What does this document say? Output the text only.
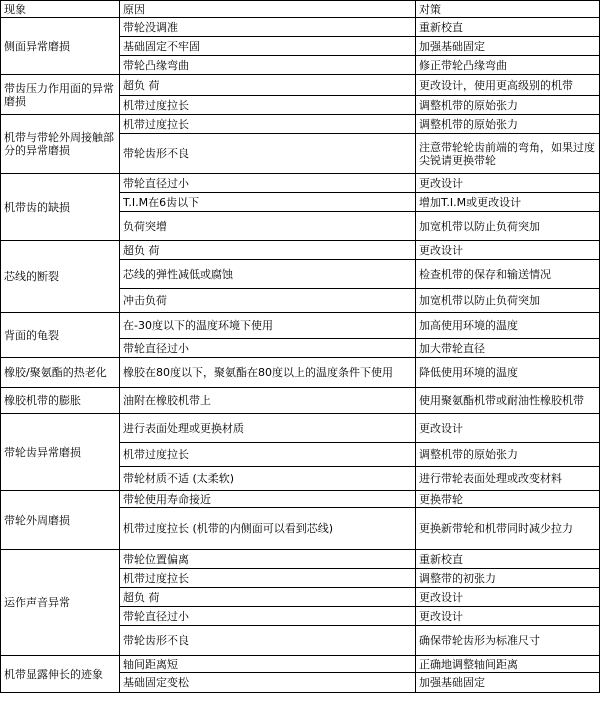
现象	原因	对策
侧面异常磨损	带轮没调准	重新校直
	基础固定不牢固	加强基础固定
	带轮凸缘弯曲	修正带轮凸缘弯曲
带齿压力作用面的异常磨损	超负 荷	更改设计，使用更高级别的机带
	机带过度拉长	调整机带的原始张力
机带与带轮外周接触部分的异常磨损	机带过度拉长	调整机带的原始张力
	带轮齿形不良	注意带轮轮齿前端的弯角，如果过度尖锐请更换带轮
机带齿的缺损	带轮直径过小	更改设计
	T.I.M在6齿以下	增加T.I.M或更改设计
	负荷突增	加宽机带以防止负荷突加
芯线的断裂	超负 荷	更改设计
	芯线的弹性减低或腐蚀	检查机带的保存和输送情况
	冲击负荷	加宽机带以防止负荷突加
背面的龟裂	在-30度以下的温度环境下使用	加高使用环境的温度
	带轮直径过小	加大带轮直径
橡胶/聚氨酯的热老化	橡胶在80度以下，聚氨酯在80度以上的温度条件下使用	降低使用环境的温度
橡胶机带的膨胀	油附在橡胶机带上	使用聚氨酯机带或耐油性橡胶机带
带轮齿异常磨损	进行表面处理或更换材质	更改设计
	机带过度拉长	调整机带的原始张力
	带轮材质不适 (太柔软)	进行带轮表面处理或改变材料
带轮外周磨损	带轮使用寿命接近	更换带轮
	机带过度拉长 (机带的内侧面可以看到芯线)	更换新带轮和机带同时减少拉力
运作声音异常	带轮位置偏离	重新校直
	机带过度拉长	调整带的初张力
	超负 荷	更改设计
	带轮直径过小	更改设计
	带轮齿形不良	确保带轮齿形为标准尺寸
机带显露伸长的迹象	轴间距离短	正确地调整轴间距离
	基础固定变松	加强基础固定
